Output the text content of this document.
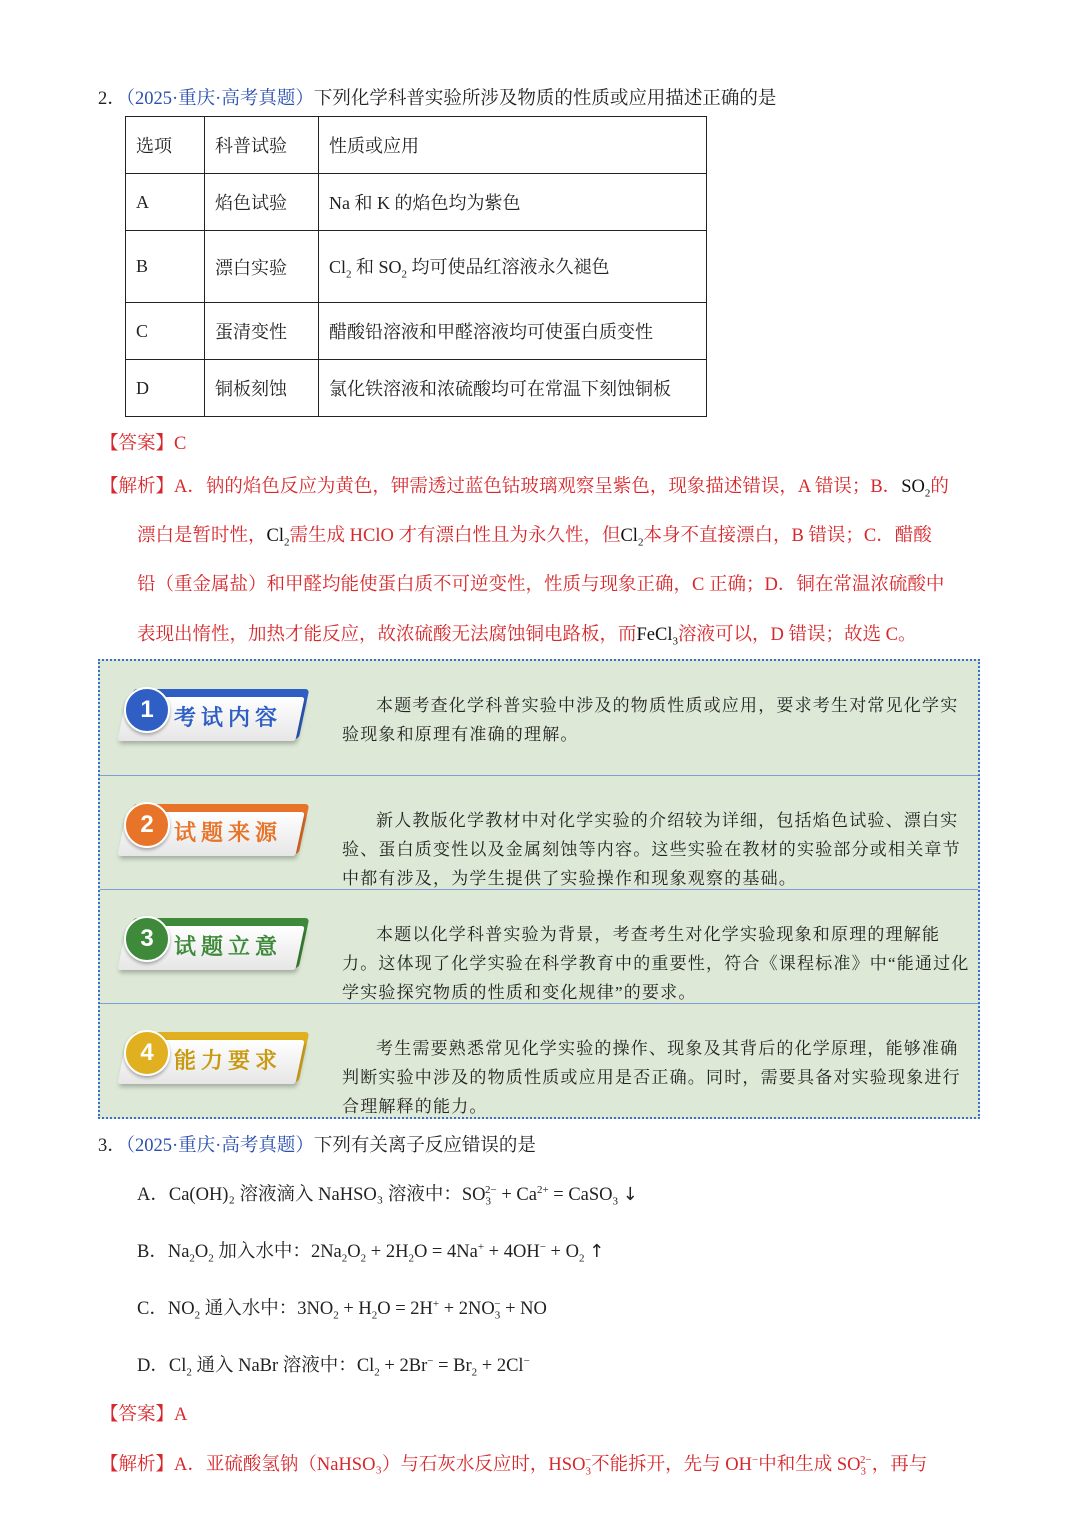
2．（2025·重庆·高考真题）下列化学科普实验所涉及物质的性质或应用描述正确的是
选项	科普试验	性质或应用
A	焰色试验	Na 和 K 的焰色均为紫色
B	漂白实验	$Cl_2$ 和 $SO_2$ 均可使品红溶液永久褪色
C	蛋清变性	醋酸铅溶液和甲醛溶液均可使蛋白质变性
D	铜板刻蚀	氯化铁溶液和浓硫酸均可在常温下刻蚀铜板
【答案】C
【解析】A．钠的焰色反应为黄色，钾需透过蓝色钴玻璃观察呈紫色，现象描述错误，A 错误；B．$SO_2$的
漂白是暂时性，$Cl_2$需生成 HClO 才有漂白性且为永久性，但$Cl_2$本身不直接漂白，B 错误；C．醋酸
铅（重金属盐）和甲醛均能使蛋白质不可逆变性，性质与现象正确，C 正确；D．铜在常温浓硫酸中
表现出惰性，加热才能反应，故浓硫酸无法腐蚀铜电路板，而FeCl$_3$溶液可以，D 错误；故选 C。
1 考试内容
本题考查化学科普实验中涉及的物质性质或应用，要求考生对常见化学实验现象和原理有准确的理解。
2 试题来源
新人教版化学教材中对化学实验的介绍较为详细，包括焰色试验、漂白实验、蛋白质变性以及金属刻蚀等内容。这些实验在教材的实验部分或相关章节中都有涉及，为学生提供了实验操作和现象观察的基础。
3 试题立意
本题以化学科普实验为背景，考查考生对化学实验现象和原理的理解能力。这体现了化学实验在科学教育中的重要性，符合《课程标准》中“能通过化学实验探究物质的性质和变化规律”的要求。
4 能力要求
考生需要熟悉常见化学实验的操作、现象及其背后的化学原理，能够准确判断实验中涉及的物质性质或应用是否正确。同时，需要具备对实验现象进行合理解释的能力。
3．（2025·重庆·高考真题）下列有关离子反应错误的是
A．Ca(OH)₂ 溶液滴入 NaHSO₃ 溶液中：$SO_3^{2-} + Ca^{2+}$ = CaSO$_3$ ↓
B．$Na_2O_2$ 加入水中：$2Na_2O_2 + 2H_2O = 4Na^+ + 4OH^- + O_2$ ↑
C．$NO_2$ 通入水中：$3NO_2 + H_2O = 2H^+ + 2NO_3^-$ + NO
D．$Cl_2$ 通入 NaBr 溶液中：$Cl_2 + 2Br^- = Br_2 + 2Cl^-$
【答案】A
【解析】A．亚硫酸氢钠（NaHSO₃）与石灰水反应时，$HSO_3^-$不能拆开，先与 OH−中和生成 $SO_3^{2-}$，再与
